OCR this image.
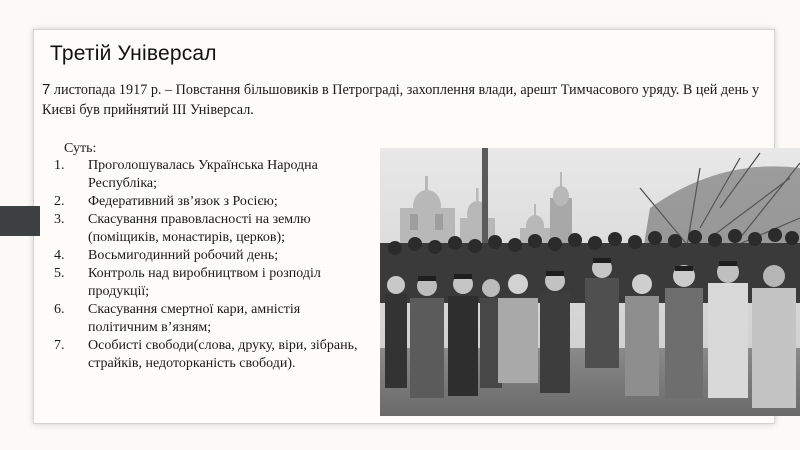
Третій Універсал
7 листопада 1917 р. – Повстання більшовиків в Петрограді, захоплення влади, арешт Тимчасового уряду. В цей день у Києві був прийнятий ІІІ Універсал.
Суть:
1.	Проголошувалась Українська Народна Республіка;
2.	Федеративний зв’язок з Росією;
3.	Скасування правовласності на землю (поміщиків, монастирів, церков);
4.	Восьмигодинний робочий день;
5.	Контроль над виробництвом і розподіл продукції;
6.	Скасування смертної кари, амністія політичним в’язням;
7.	Особисті свободи(слова, друку, віри, зібрань, страйків, недоторканість свободи).
